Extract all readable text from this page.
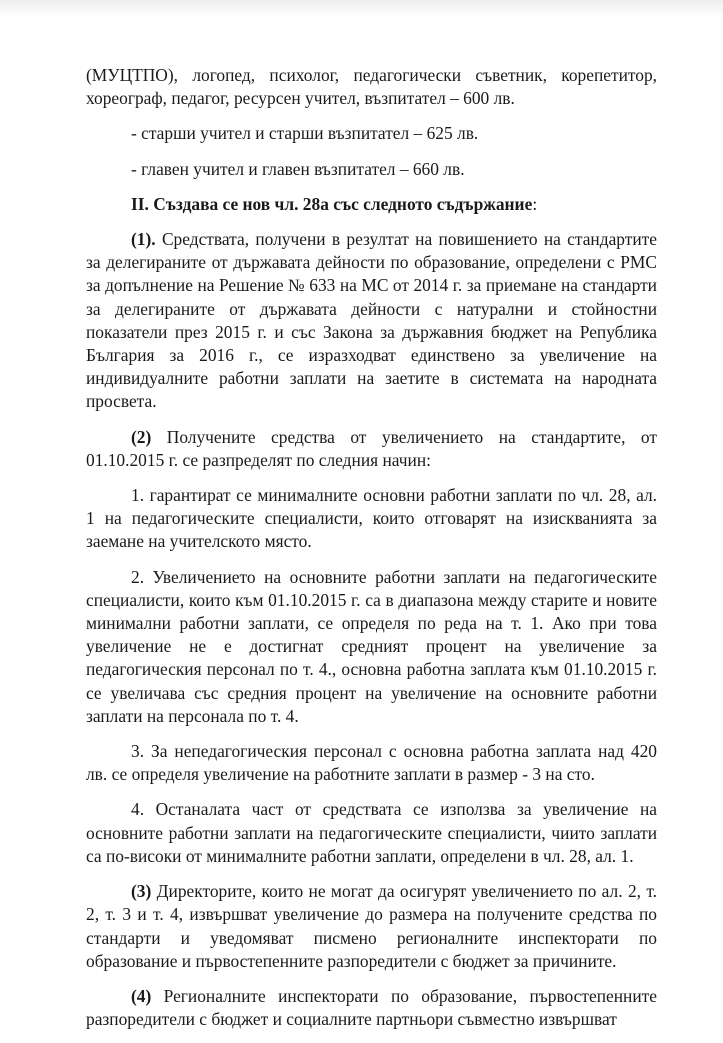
(МУЦТПО), логопед, психолог, педагогически съветник, корепетитор, хореограф, педагог, ресурсен учител, възпитател – 600 лв.

- старши учител и старши възпитател – 625 лв.

- главен учител и главен възпитател – 660 лв.

II. Създава се нов чл. 28а със следното съдържание:

(1). Средствата, получени в резултат на повишението на стандартите за делегираните от държавата дейности по образование, определени с РМС за допълнение на Решение № 633 на МС от 2014 г. за приемане на стандарти за делегираните от държавата дейности с натурални и стойностни показатели през 2015 г. и със Закона за държавния бюджет на Република България за 2016 г., се изразходват единствено за увеличение на индивидуалните работни заплати на заетите в системата на народната просвета.

(2) Получените средства от увеличението на стандартите, от 01.10.2015 г. се разпределят по следния начин:

1. гарантират се минималните основни работни заплати по чл. 28, ал. 1 на педагогическите специалисти, които отговарят на изискванията за заемане на учителското място.

2. Увеличението на основните работни заплати на педагогическите специалисти, които към 01.10.2015 г. са в диапазона между старите и новите минимални работни заплати, се определя по реда на т. 1. Ако при това увеличение не е достигнат средният процент на увеличение за педагогическия персонал по т. 4., основна работна заплата към 01.10.2015 г. се увеличава със средния процент на увеличение на основните работни заплати на персонала по т. 4.

3. За непедагогическия персонал с основна работна заплата над 420 лв. се определя увеличение на работните заплати в размер - 3 на сто.

4. Останалата част от средствата се използва за увеличение на основните работни заплати на педагогическите специалисти, чиито заплати са по-високи от минималните работни заплати, определени в чл. 28, ал. 1.

(3) Директорите, които не могат да осигурят увеличението по ал. 2, т. 2, т. 3 и т. 4, извършват увеличение до размера на получените средства по стандарти и уведомяват писмено регионалните инспекторати по образование и първостепенните разпоредители с бюджет за причините.

(4) Регионалните инспекторати по образование, първостепенните разпоредители с бюджет и социалните партньори съвместно извършват
